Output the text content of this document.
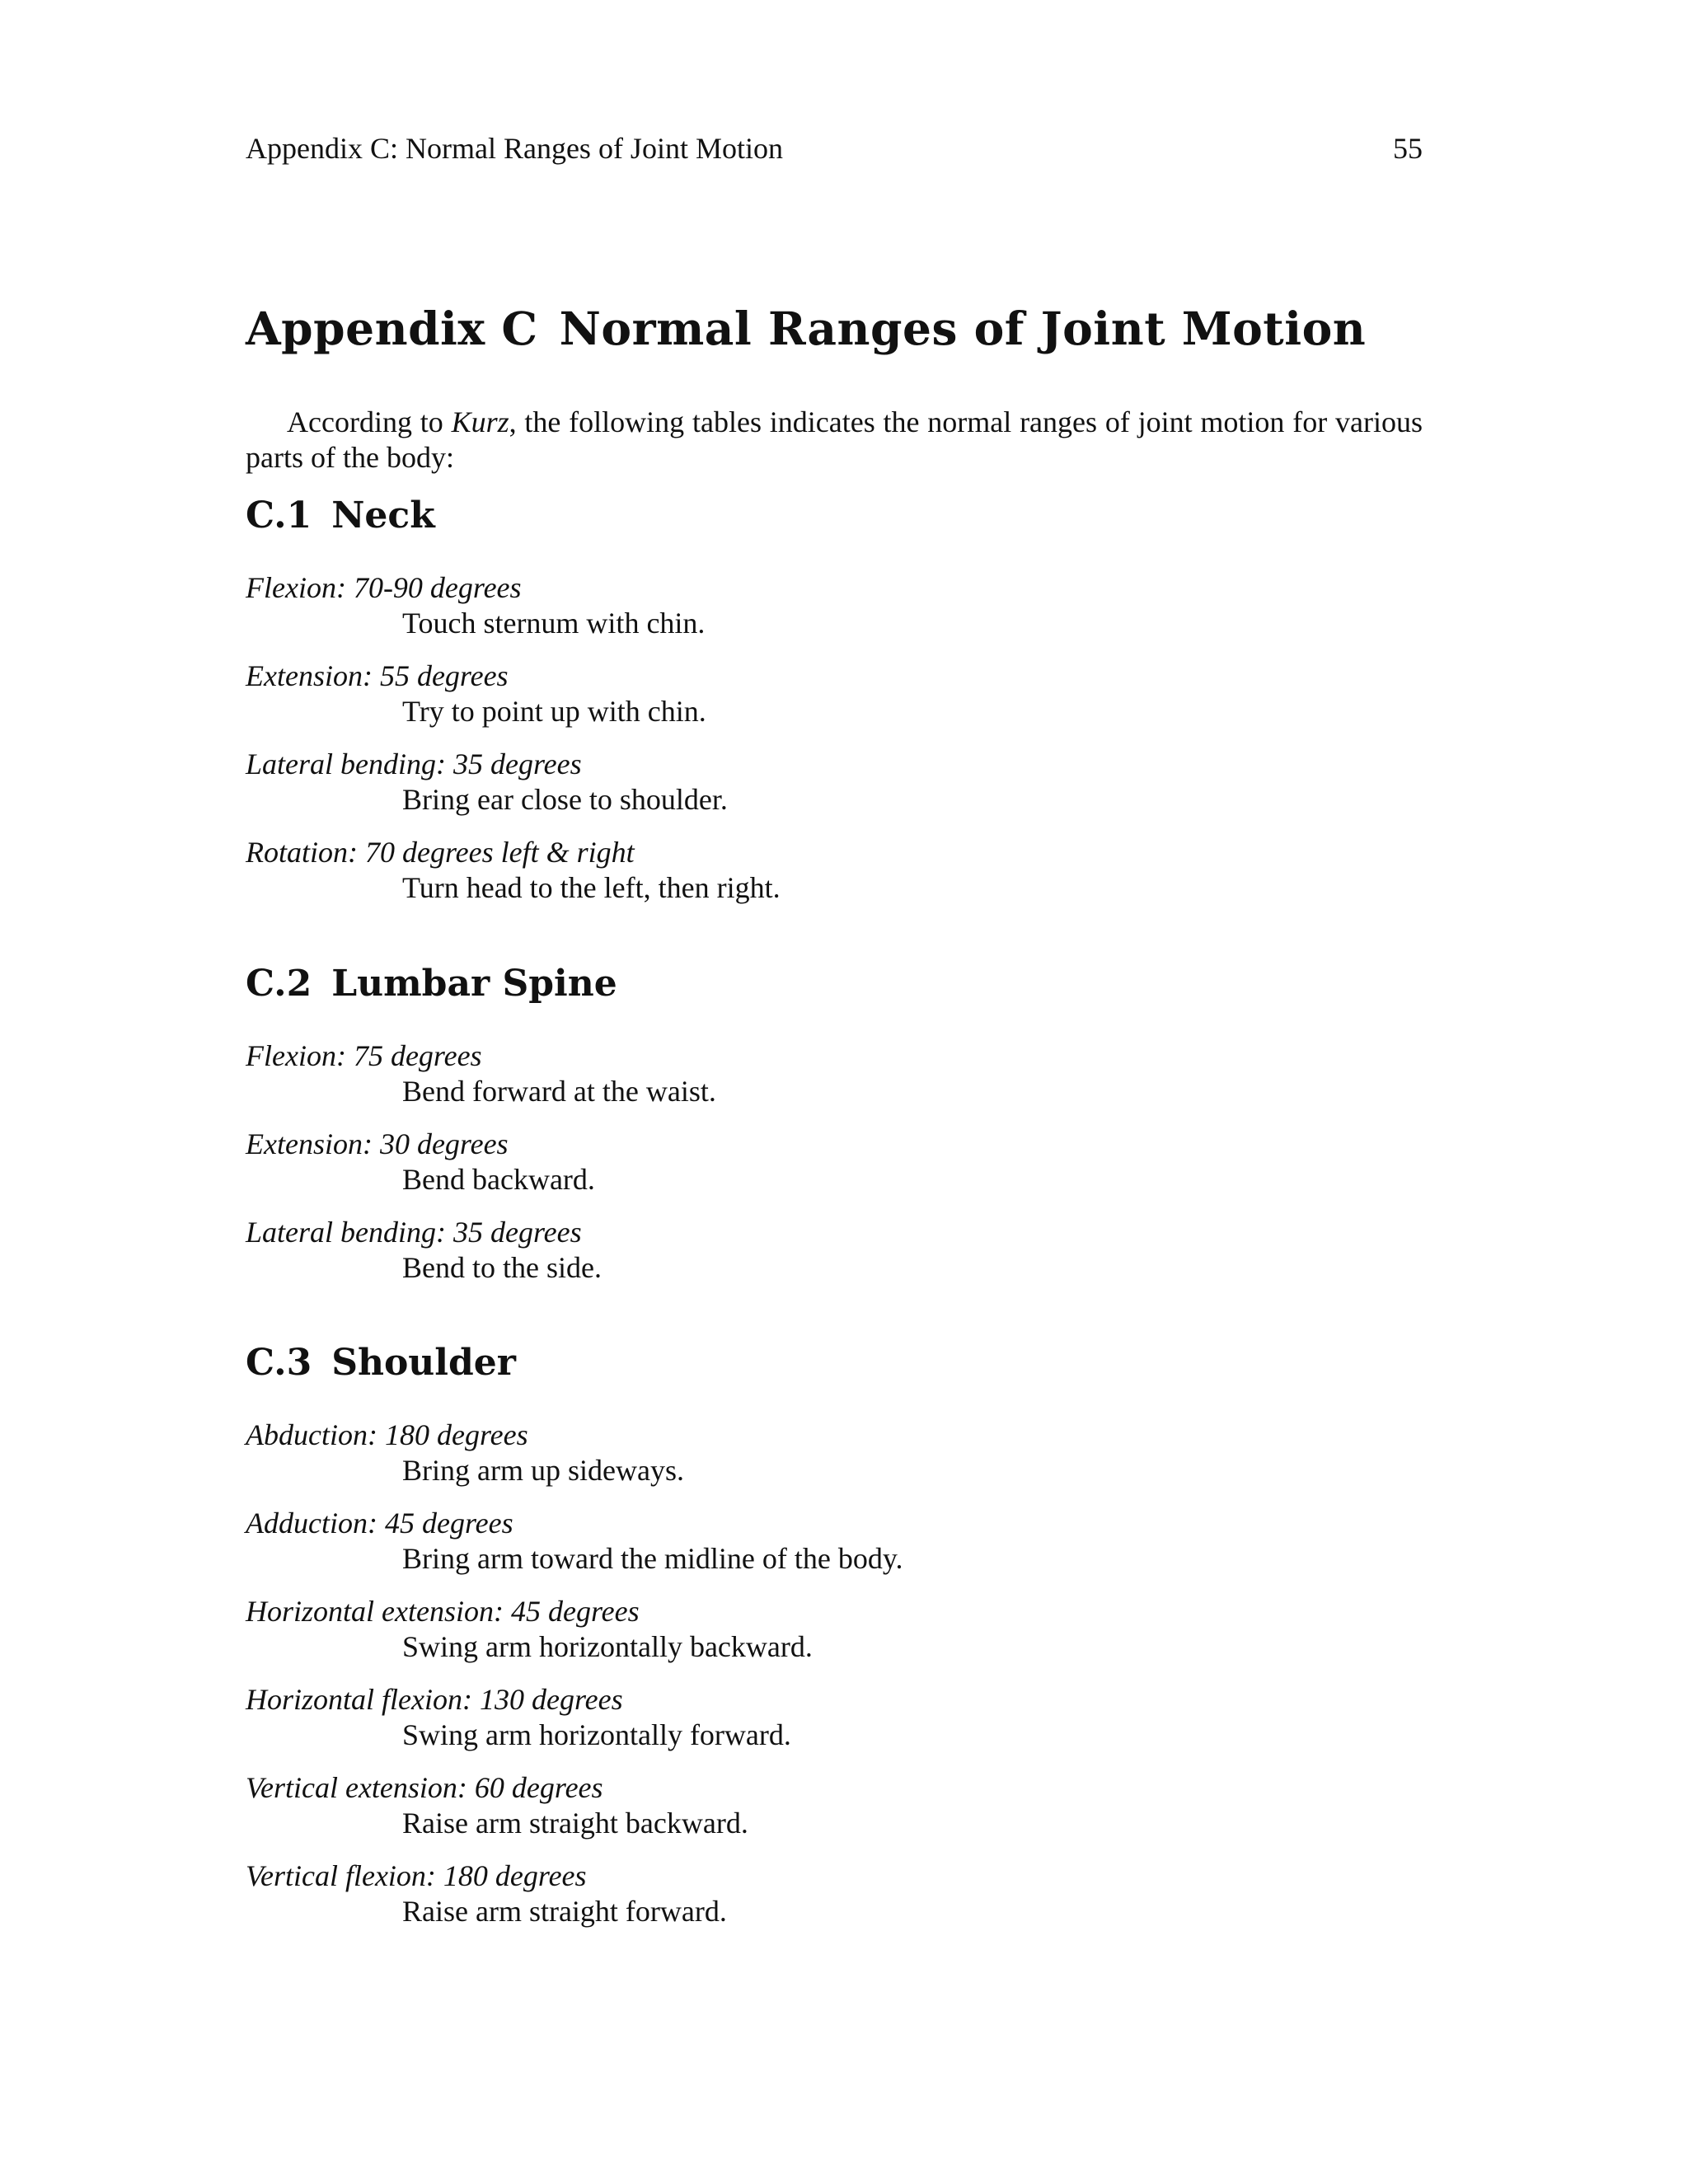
Appendix C: Normal Ranges of Joint Motion	55
Appendix C Normal Ranges of Joint Motion

According to Kurz, the following tables indicates the normal ranges of joint motion for various parts of the body:

C.1 Neck
Flexion: 70-90 degrees
Touch sternum with chin.
Extension: 55 degrees
Try to point up with chin.
Lateral bending: 35 degrees
Bring ear close to shoulder.
Rotation: 70 degrees left & right
Turn head to the left, then right.
C.2 Lumbar Spine
Flexion: 75 degrees
Bend forward at the waist.
Extension: 30 degrees
Bend backward.
Lateral bending: 35 degrees
Bend to the side.
C.3 Shoulder
Abduction: 180 degrees
Bring arm up sideways.
Adduction: 45 degrees
Bring arm toward the midline of the body.
Horizontal extension: 45 degrees
Swing arm horizontally backward.
Horizontal flexion: 130 degrees
Swing arm horizontally forward.
Vertical extension: 60 degrees
Raise arm straight backward.
Vertical flexion: 180 degrees
Raise arm straight forward.
